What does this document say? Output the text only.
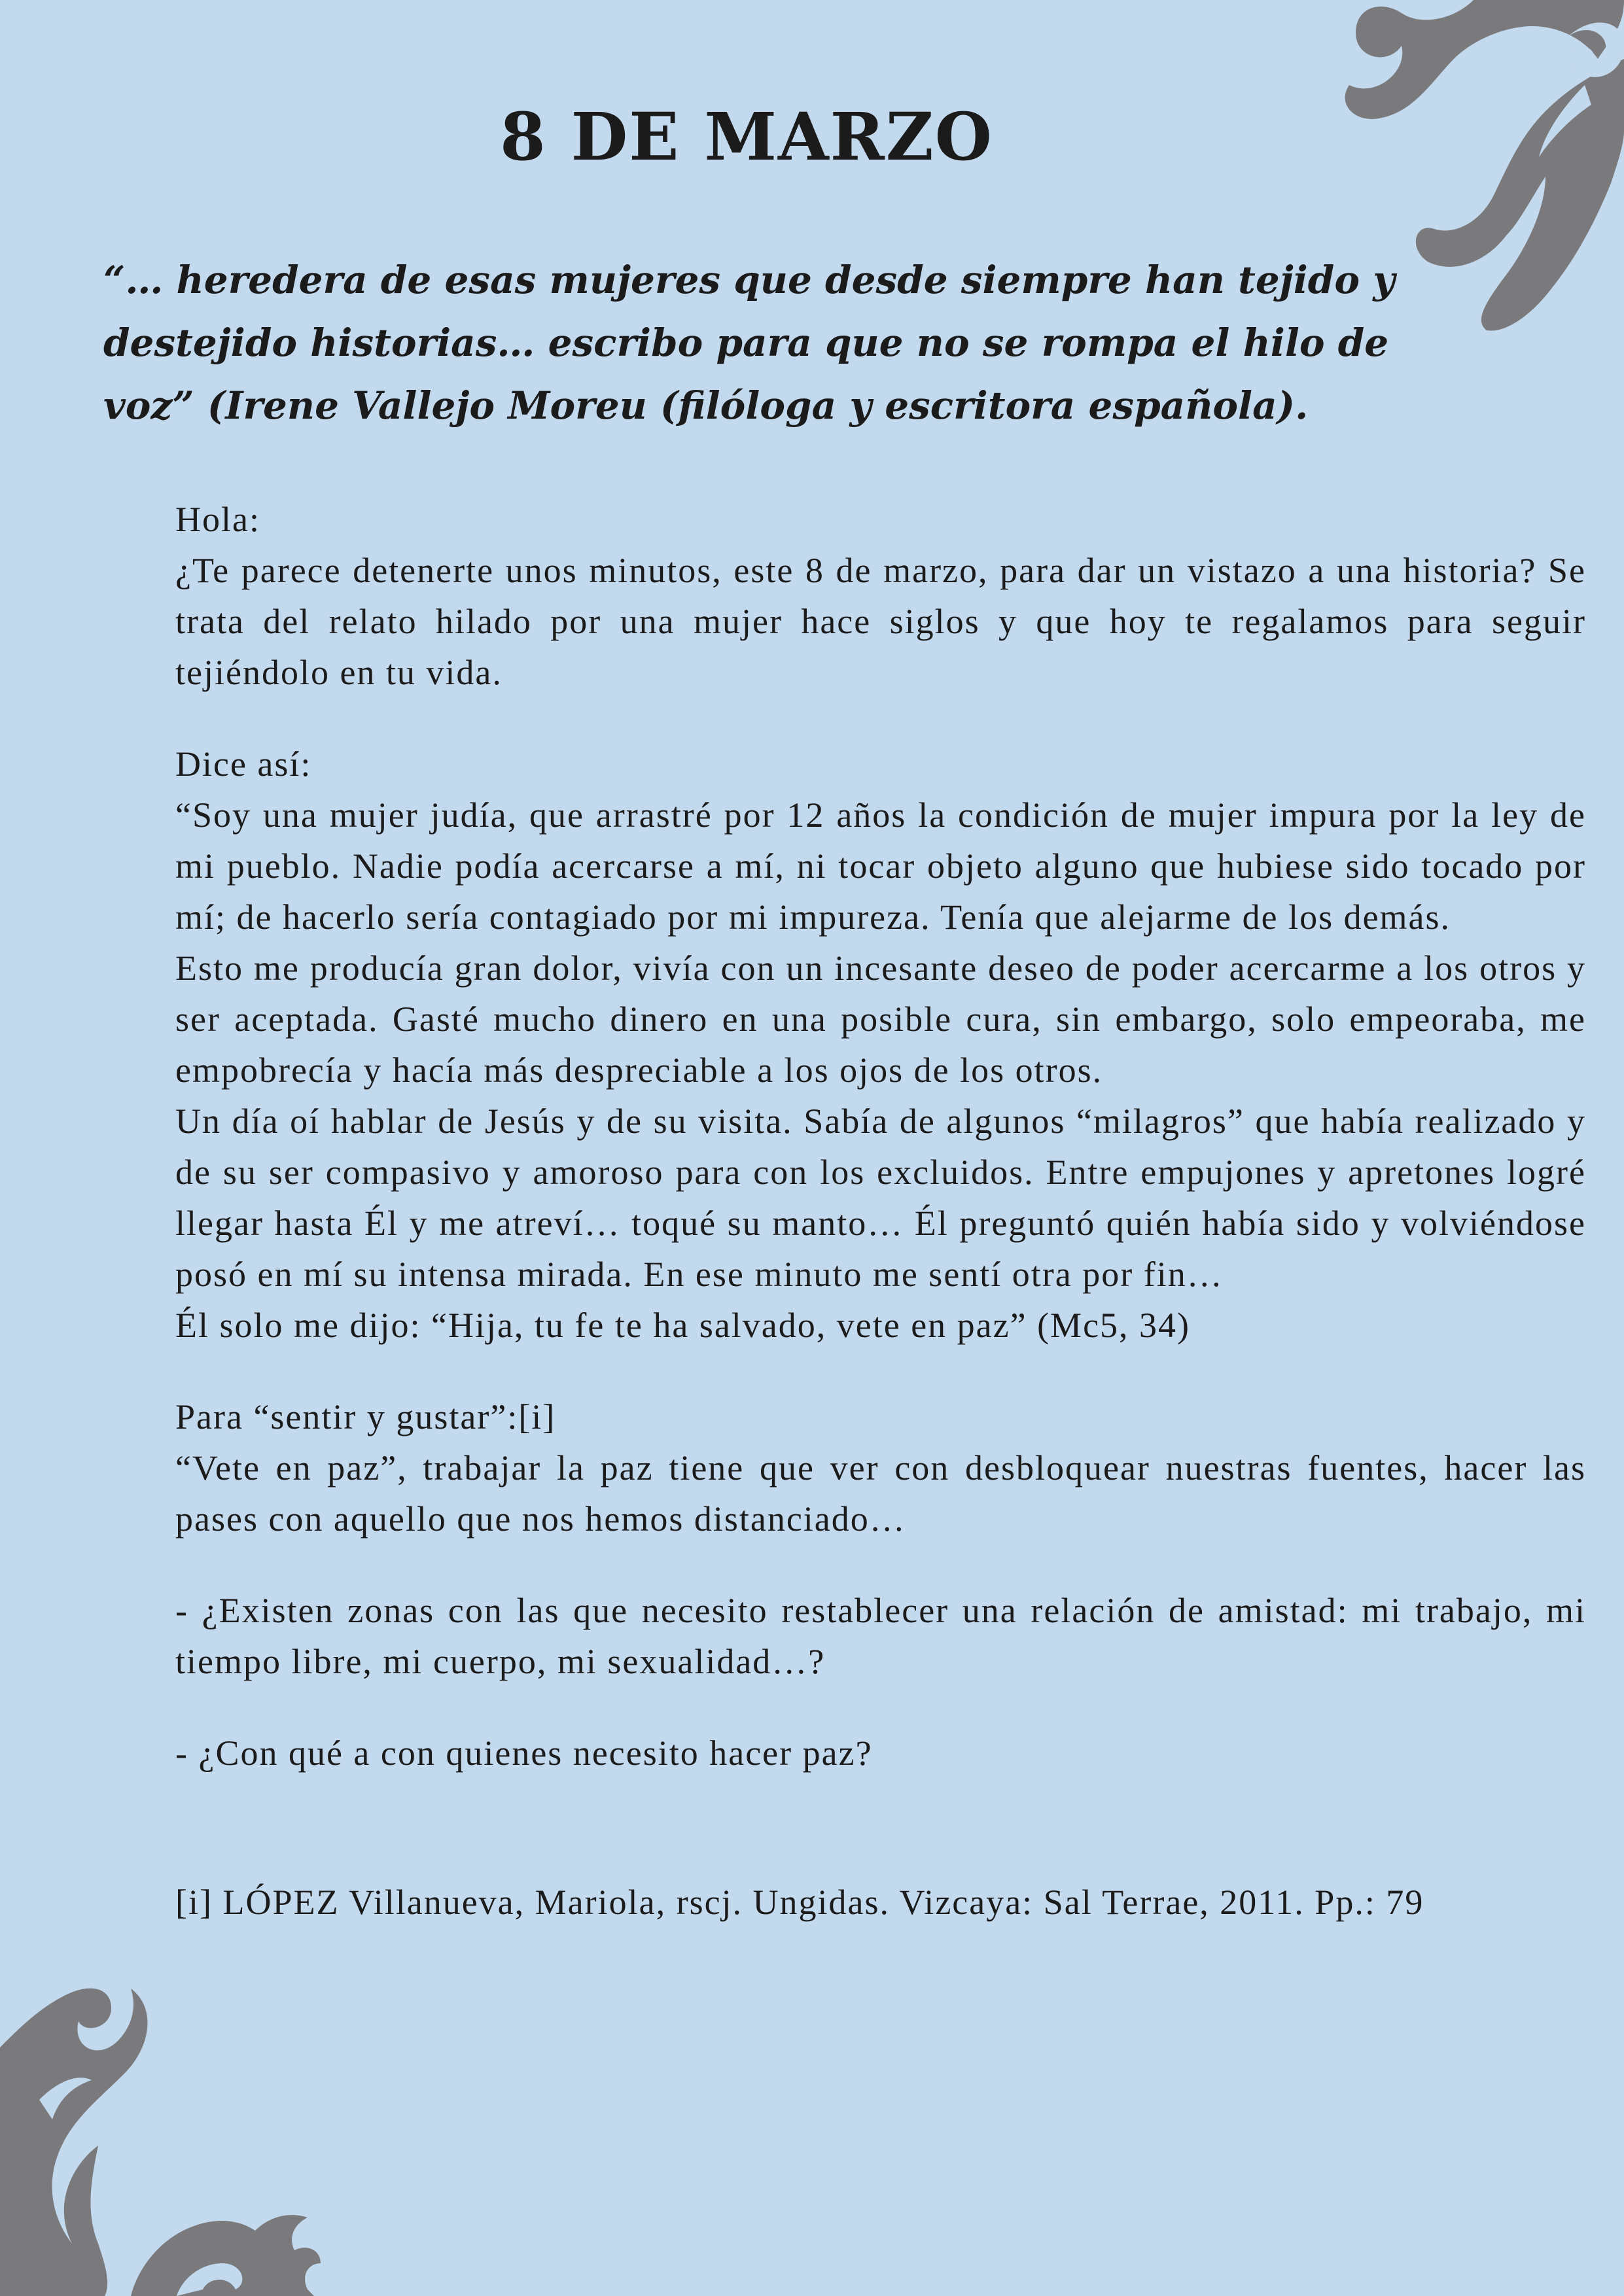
8 DE MARZO

“… heredera de esas mujeres que desde siempre han tejido y destejido historias… escribo para que no se rompa el hilo de voz” (Irene Vallejo Moreu (filóloga y escritora española).

Hola:

¿Te parece detenerte unos minutos, este 8 de marzo, para dar un vistazo a una historia? Se trata del relato hilado por una mujer hace siglos y que hoy te regalamos para seguir tejiéndolo en tu vida.

Dice así:

“Soy una mujer judía, que arrastré por 12 años la condición de mujer impura por la ley de mi pueblo. Nadie podía acercarse a mí, ni tocar objeto alguno que hubiese sido tocado por mí; de hacerlo sería contagiado por mi impureza. Tenía que alejarme de los demás.

Esto me producía gran dolor, vivía con un incesante deseo de poder acercarme a los otros y ser aceptada. Gasté mucho dinero en una posible cura, sin embargo, solo empeoraba, me empobrecía y hacía más despreciable a los ojos de los otros.

Un día oí hablar de Jesús y de su visita. Sabía de algunos “milagros” que había realizado y de su ser compasivo y amoroso para con los excluidos. Entre empujones y apretones logré llegar hasta Él y me atreví… toqué su manto… Él preguntó quién había sido y volviéndose posó en mí su intensa mirada. En ese minuto me sentí otra por fin…

Él solo me dijo: “Hija, tu fe te ha salvado, vete en paz” (Mc5, 34)

Para “sentir y gustar”:[i]

“Vete en paz”, trabajar la paz tiene que ver con desbloquear nuestras fuentes, hacer las pases con aquello que nos hemos distanciado…

- ¿Existen zonas con las que necesito restablecer una relación de amistad: mi trabajo, mi tiempo libre, mi cuerpo, mi sexualidad…?

- ¿Con qué a con quienes necesito hacer paz?

[i] LÓPEZ Villanueva, Mariola, rscj. Ungidas. Vizcaya: Sal Terrae, 2011. Pp.: 79
